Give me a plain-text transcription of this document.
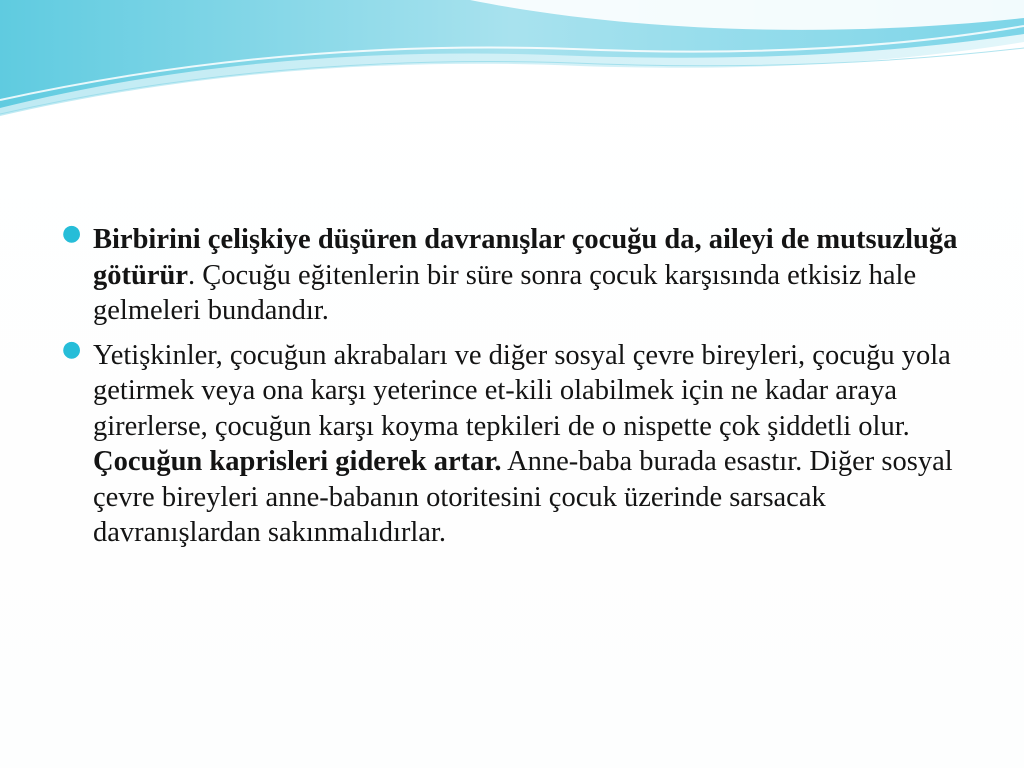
● Birbirini çelişkiye düşüren davranışlar çocuğu da, aileyi de mutsuzluğa götürür. Çocuğu eğitenlerin bir süre sonra çocuk karşısında etkisiz hale gelmeleri bundandır.
● Yetişkinler, çocuğun akrabaları ve diğer sosyal çevre bireyleri, çocuğu yola getirmek veya ona karşı yeterince et-kili olabilmek için ne kadar araya girerlerse, çocuğun karşı koyma tepkileri de o nispette çok şiddetli olur. Çocuğun kaprisleri giderek artar. Anne-baba burada esastır. Diğer sosyal çevre bireyleri anne-babanın otoritesini çocuk üzerinde sarsacak davranışlardan sakınmalıdırlar.
